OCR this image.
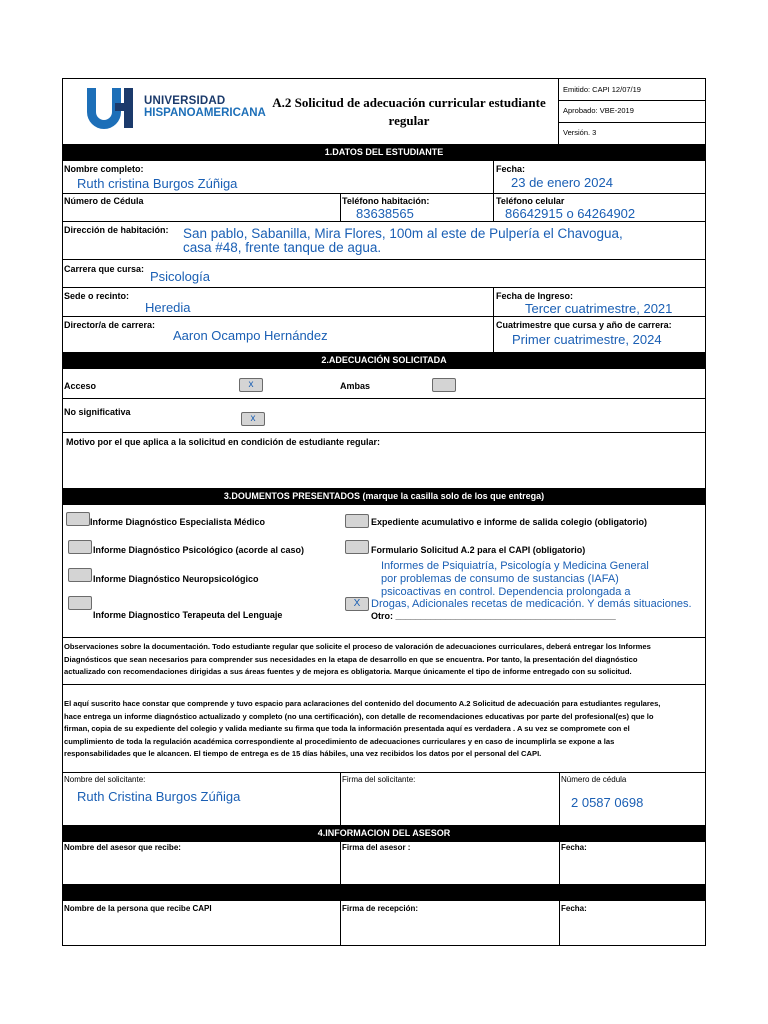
UNIVERSIDAD
HISPANOAMERICANA
A.2 Solicitud de adecuación curricular estudiante
regular
Emitido: CAPI 12/07/19
Aprobado: VBE-2019
Versión. 3
1.DATOS DEL ESTUDIANTE
Nombre completo:
Ruth cristina Burgos Zúñiga
Fecha:
23 de enero 2024
Número de Cédula	Teléfono habitación:
83638565
Teléfono celular
86642915 o 64264902
Dirección de habitación: San pablo, Sabanilla, Mira Flores, 100m al este de Pulpería el Chavogua,
casa #48, frente tanque de agua.
Carrera que cursa: Psicología
Sede o recinto:
Heredia
Fecha de Ingreso:
Tercer cuatrimestre, 2021
Director/a de carrera:
Aaron Ocampo Hernández
Cuatrimestre que cursa y año de carrera:
Primer cuatrimestre, 2024
2.ADECUACIÓN SOLICITADA
Acceso	x	Ambas
No significativa
x
Motivo por el que aplica a la solicitud en condición de estudiante regular:
3.DOUMENTOS PRESENTADOS (marque la casilla solo de los que entrega)
Informe Diagnóstico Especialista Médico
Informe Diagnóstico Psicológico (acorde al caso)
Informe Diagnóstico Neuropsicológico
Informe Diagnostico Terapeuta del Lenguaje
Expediente acumulativo e informe de salida colegio (obligatorio)
Formulario Solicitud A.2 para el CAPI (obligatorio)
Informes de Psiquiatría, Psicología y Medicina General
por problemas de consumo de sustancias (IAFA)
psicoactivas en control. Dependencia prolongada a
X Drogas, Adicionales recetas de medicación. Y demás situaciones.
Otro: ____________________________________________
Observaciones sobre la documentación. Todo estudiante regular que solicite el proceso de valoración de adecuaciones curriculares, deberá entregar los Informes
Diagnósticos que sean necesarios para comprender sus necesidades en la etapa de desarrollo en que se encuentra. Por tanto, la presentación del diagnóstico
actualizado con recomendaciones dirigidas a sus áreas fuentes y de mejora es obligatoria. Marque únicamente el tipo de informe entregado con su solicitud.
El aquí suscrito hace constar que comprende y tuvo espacio para aclaraciones del contenido del documento A.2 Solicitud de adecuación para estudiantes regulares,
hace entrega un informe diagnóstico actualizado y completo (no una certificación), con detalle de recomendaciones educativas por parte del profesional(es) que lo
firman, copia de su expediente del colegio y valida mediante su firma que toda la información presentada aquí es verdadera . A su vez se compromete con el
cumplimiento de toda la regulación académica correspondiente al procedimiento de adecuaciones curriculares y en caso de incumplirla se expone a las
responsabilidades que le alcancen. El tiempo de entrega es de 15 días hábiles, una vez recibidos los datos por el personal del CAPI.
Nombre del solicitante:
Ruth Cristina Burgos Zúñiga
Firma del solicitante:	Número de cédula
2 0587 0698
4.INFORMACION DEL ASESOR
Nombre del asesor que recibe:	Firma del asesor :	Fecha:
Nombre de la persona que recibe CAPI	Firma de recepción:	Fecha:
